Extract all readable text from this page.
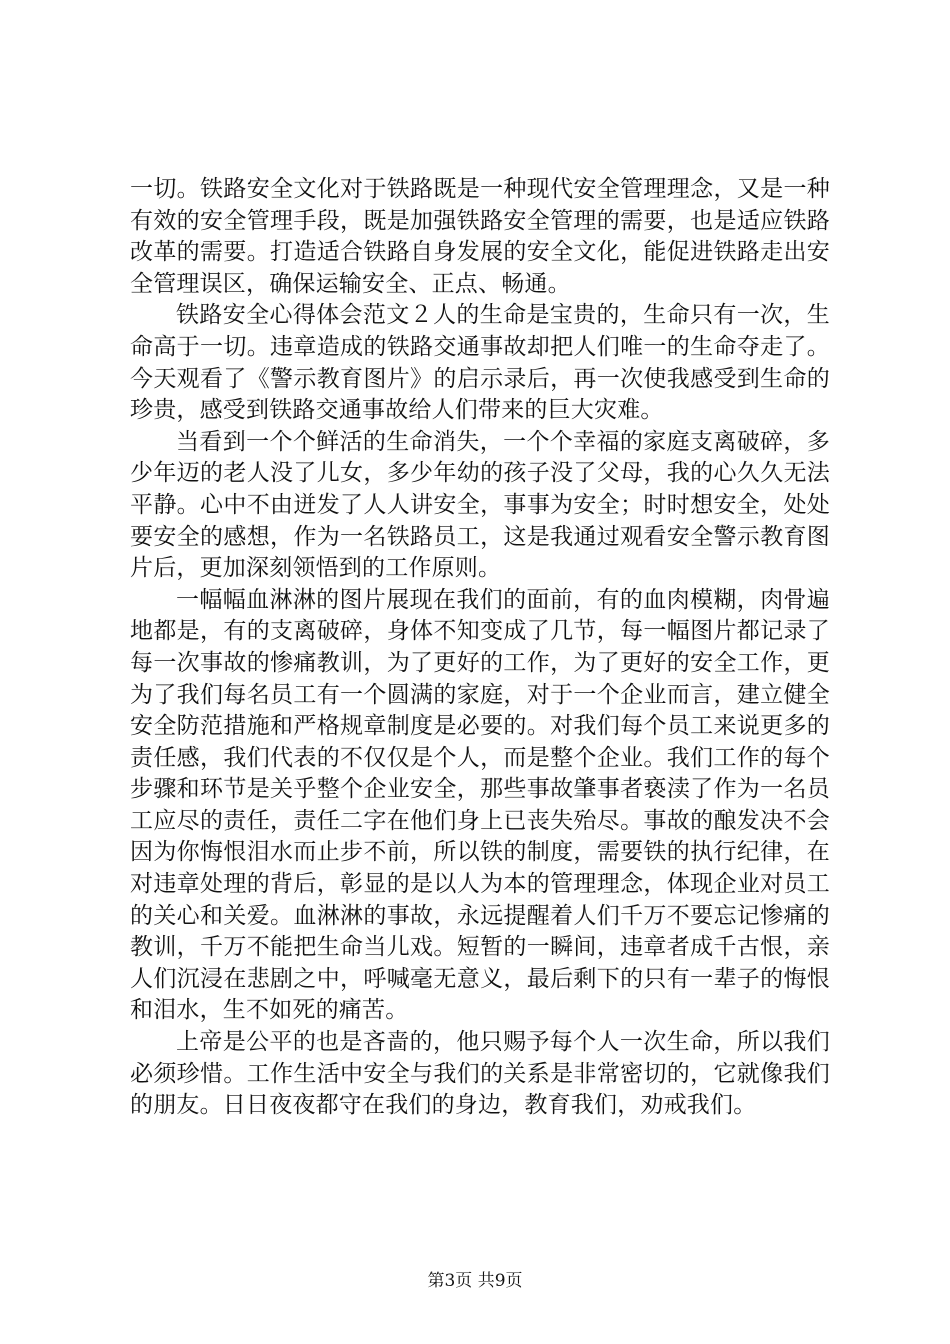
一切。铁路安全文化对于铁路既是一种现代安全管理理念，又是一种有效的安全管理手段，既是加强铁路安全管理的需要，也是适应铁路改革的需要。打造适合铁路自身发展的安全文化，能促进铁路走出安全管理误区，确保运输安全、正点、畅通。

铁路安全心得体会范文２人的生命是宝贵的，生命只有一次，生命高于一切。违章造成的铁路交通事故却把人们唯一的生命夺走了。今天观看了《警示教育图片》的启示录后，再一次使我感受到生命的珍贵，感受到铁路交通事故给人们带来的巨大灾难。

当看到一个个鲜活的生命消失，一个个幸福的家庭支离破碎，多少年迈的老人没了儿女，多少年幼的孩子没了父母，我的心久久无法平静。心中不由迸发了人人讲安全，事事为安全；时时想安全，处处要安全的感想，作为一名铁路员工，这是我通过观看安全警示教育图片后，更加深刻领悟到的工作原则。

一幅幅血淋淋的图片展现在我们的面前，有的血肉模糊，肉骨遍地都是，有的支离破碎，身体不知变成了几节，每一幅图片都记录了每一次事故的惨痛教训，为了更好的工作，为了更好的安全工作，更为了我们每名员工有一个圆满的家庭，对于一个企业而言，建立健全安全防范措施和严格规章制度是必要的。对我们每个员工来说更多的责任感，我们代表的不仅仅是个人，而是整个企业。我们工作的每个步骤和环节是关乎整个企业安全，那些事故肇事者亵渎了作为一名员工应尽的责任，责任二字在他们身上已丧失殆尽。事故的酿发决不会因为你悔恨泪水而止步不前，所以铁的制度，需要铁的执行纪律，在对违章处理的背后，彰显的是以人为本的管理理念，体现企业对员工的关心和关爱。血淋淋的事故，永远提醒着人们千万不要忘记惨痛的教训，千万不能把生命当儿戏。短暂的一瞬间，违章者成千古恨，亲人们沉浸在悲剧之中，呼喊毫无意义，最后剩下的只有一辈子的悔恨和泪水，生不如死的痛苦。

上帝是公平的也是吝啬的，他只赐予每个人一次生命，所以我们必须珍惜。工作生活中安全与我们的关系是非常密切的，它就像我们的朋友。日日夜夜都守在我们的身边，教育我们，劝戒我们。

第3页 共9页
